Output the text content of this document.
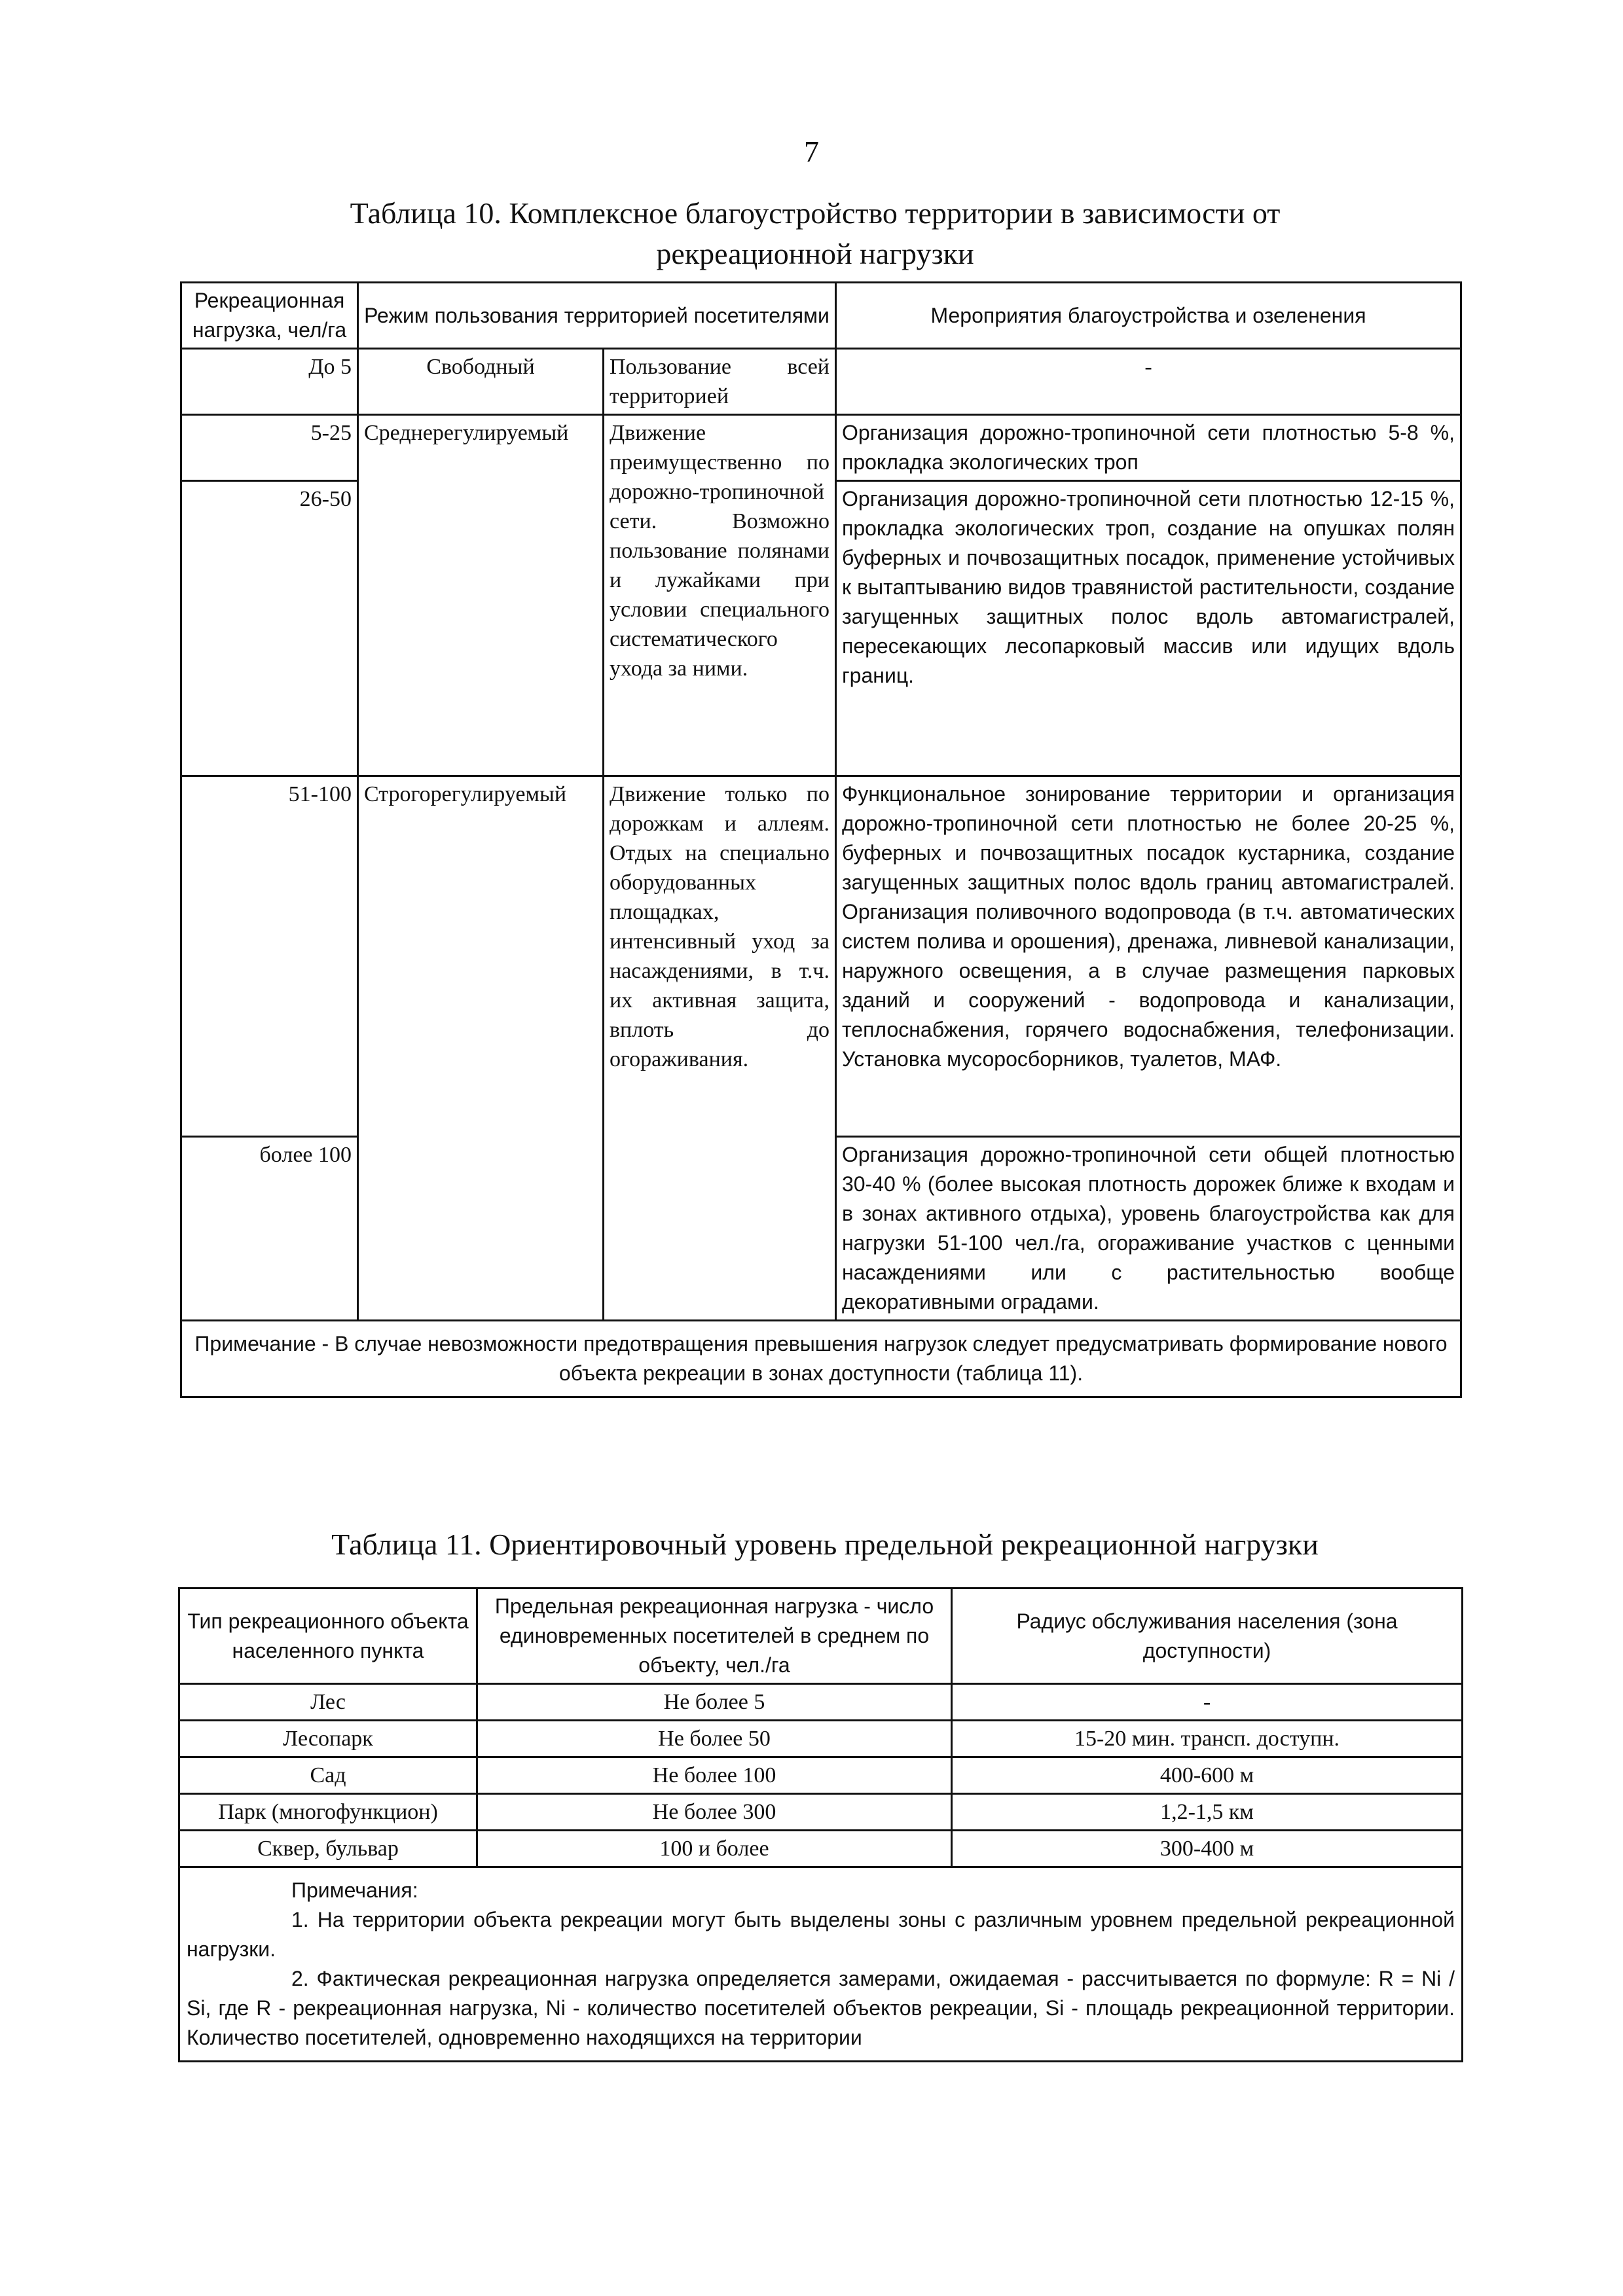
7
Таблица 10. Комплексное благоустройство территории в зависимости от
рекреационной нагрузки
Рекреационная нагрузка, чел/га	Режим пользования территорией посетителями		Мероприятия благоустройства и озеленения
До 5	Свободный	Пользование всей территорией	-
5-25	Среднерегулируемый	Движение преимущественно по дорожно-тропиночной сети. Возможно пользование полянами и лужайками при условии специального систематического ухода за ними.	Организация дорожно-тропиночной сети плотностью 5-8 %, прокладка экологических троп
26-50			Организация дорожно-тропиночной сети плотностью 12-15 %, прокладка экологических троп, создание на опушках полян буферных и почвозащитных посадок, применение устойчивых к вытаптыванию видов травянистой растительности, создание загущенных защитных полос вдоль автомагистралей, пересекающих лесопарковый массив или идущих вдоль границ.
51-100	Строгорегулируемый	Движение только по дорожкам и аллеям. Отдых на специально оборудованных площадках, интенсивный уход за насаждениями, в т.ч. их активная защита, вплоть до огораживания.	Функциональное зонирование территории и организация дорожно-тропиночной сети плотностью не более 20-25 %, буферных и почвозащитных посадок кустарника, создание загущенных защитных полос вдоль границ автомагистралей. Организация поливочного водопровода (в т.ч. автоматических систем полива и орошения), дренажа, ливневой канализации, наружного освещения, а в случае размещения парковых зданий и сооружений - водопровода и канализации, теплоснабжения, горячего водоснабжения, телефонизации. Установка мусоросборников, туалетов, МАФ.
более 100			Организация дорожно-тропиночной сети общей плотностью 30-40 % (более высокая плотность дорожек ближе к входам и в зонах активного отдыха), уровень благоустройства как для нагрузки 51-100 чел./га, огораживание участков с ценными насаждениями или с растительностью вообще декоративными оградами.
Примечание - В случае невозможности предотвращения превышения нагрузок следует предусматривать формирование нового объекта рекреации в зонах доступности (таблица 11).			
Таблица 11. Ориентировочный уровень предельной рекреационной нагрузки
Тип рекреационного объекта населенного пункта	Предельная рекреационная нагрузка - число единовременных посетителей в среднем по объекту, чел./га	Радиус обслуживания населения (зона доступности)
Лес	Не более 5	-
Лесопарк	Не более 50	15-20 мин. трансп. доступн.
Сад	Не более 100	400-600 м
Парк (многофункцион)	Не более 300	1,2-1,5 км
Сквер, бульвар	100 и более	300-400 м

Примечания:

1. На территории объекта рекреации могут быть выделены зоны с различным уровнем предельной рекреационной нагрузки.

2. Фактическая рекреационная нагрузка определяется замерами, ожидаемая - рассчитывается по формуле: R = Ni / Si, где R - рекреационная нагрузка, Ni - количество посетителей объектов рекреации, Si - площадь рекреационной территории. Количество посетителей, одновременно находящихся на территории		
